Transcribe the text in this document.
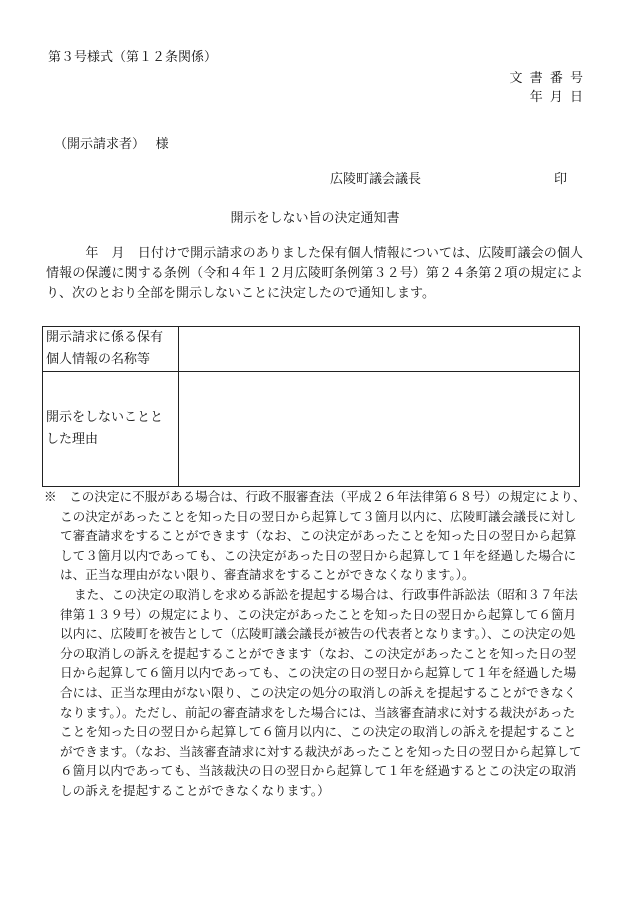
第３号様式（第１２条関係）
文書番号
年月日
（開示請求者）　 様
広陵町議会議長	印
開示をしない旨の決定通知書
　　　年　月　日付けで開示請求のありました保有個人情報については、広陵町議会の個人情報の保護に関する条例（令和４年１２月広陵町条例第３２号）第２４条第２項の規定により、次のとおり全部を開示しないことに決定したので通知します。
開示請求に係る保有個人情報の名称等	
開示をしないこととした理由	

※　この決定に不服がある場合は、行政不服審査法（平成２６年法律第６８号）の規定により、この決定があったことを知った日の翌日から起算して３箇月以内に、広陵町議会議長に対して審査請求をすることができます（なお、この決定があったことを知った日の翌日から起算して３箇月以内であっても、この決定があった日の翌日から起算して１年を経過した場合には、正当な理由がない限り、審査請求をすることができなくなります。）。

また、この決定の取消しを求める訴訟を提起する場合は、行政事件訴訟法（昭和３７年法律第１３９号）の規定により、この決定があったことを知った日の翌日から起算して６箇月以内に、広陵町を被告として（広陵町議会議長が被告の代表者となります。）、この決定の処分の取消しの訴えを提起することができます（なお、この決定があったことを知った日の翌日から起算して６箇月以内であっても、この決定の日の翌日から起算して１年を経過した場合には、正当な理由がない限り、この決定の処分の取消しの訴えを提起することができなくなります。）。ただし、前記の審査請求をした場合には、当該審査請求に対する裁決があったことを知った日の翌日から起算して６箇月以内に、この決定の取消しの訴えを提起することができます。（なお、当該審査請求に対する裁決があったことを知った日の翌日から起算して６箇月以内であっても、当該裁決の日の翌日から起算して１年を経過するとこの決定の取消しの訴えを提起することができなくなります。）
